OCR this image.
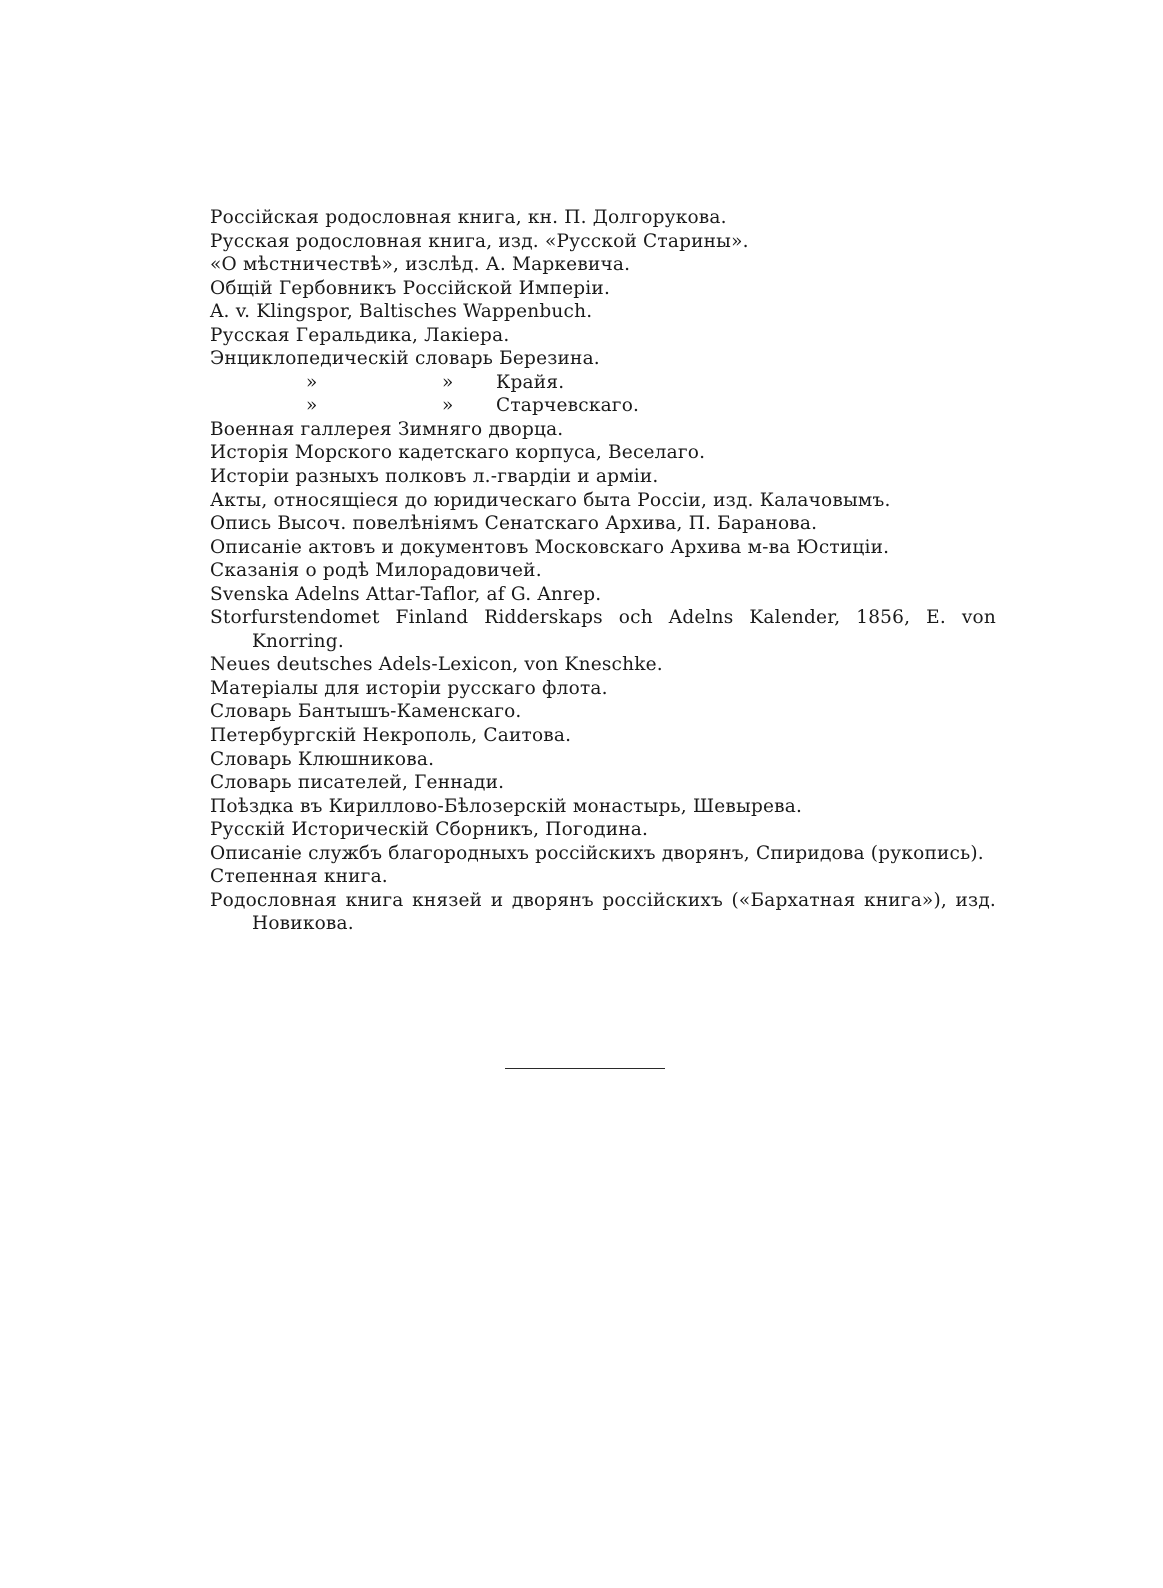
Россійская родословная книга, кн. П. Долгорукова.
Русская родословная книга, изд. «Русской Старины».
«О мѣстничествѣ», изслѣд. А. Маркевича.
Общій Гербовникъ Россійской Имперіи.
A. v. Klingspor, Baltisches Wappenbuch.
Русская Геральдика, Лакіера.
Энциклопедическій словарь Березина.
»	» Крайя.
»	» Старчевскаго.
Военная галлерея Зимняго дворца.
Исторія Морского кадетскаго корпуса, Веселаго.
Исторіи разныхъ полковъ л.-гвардіи и арміи.
Акты, относящіеся до юридическаго быта Россіи, изд. Калачовымъ.
Опись Высоч. повелѣніямъ Сенатскаго Архива, П. Баранова.
Описаніе актовъ и документовъ Московскаго Архива м-ва Юстиціи.
Сказанія о родѣ Милорадовичей.
Svenska Adelns Attar-Taflor, af G. Anrep.
Storfurstendomet Finland Ridderskaps och Adelns Kalender, 1856, E. von Knorring.
Neues deutsches Adels-Lexicon, von Kneschke.
Матеріалы для исторіи русскаго флота.
Словарь Бантышъ-Каменскаго.
Петербургскій Некрополь, Саитова.
Словарь Клюшникова.
Словарь писателей, Геннади.
Поѣздка въ Кириллово-Бѣлозерскій монастырь, Шевырева.
Русскій Историческій Сборникъ, Погодина.
Описаніе службъ благородныхъ россійскихъ дворянъ, Спиридова (рукопись).
Степенная книга.
Родословная книга князей и дворянъ россійскихъ («Бархатная книга»), изд. Новикова.
